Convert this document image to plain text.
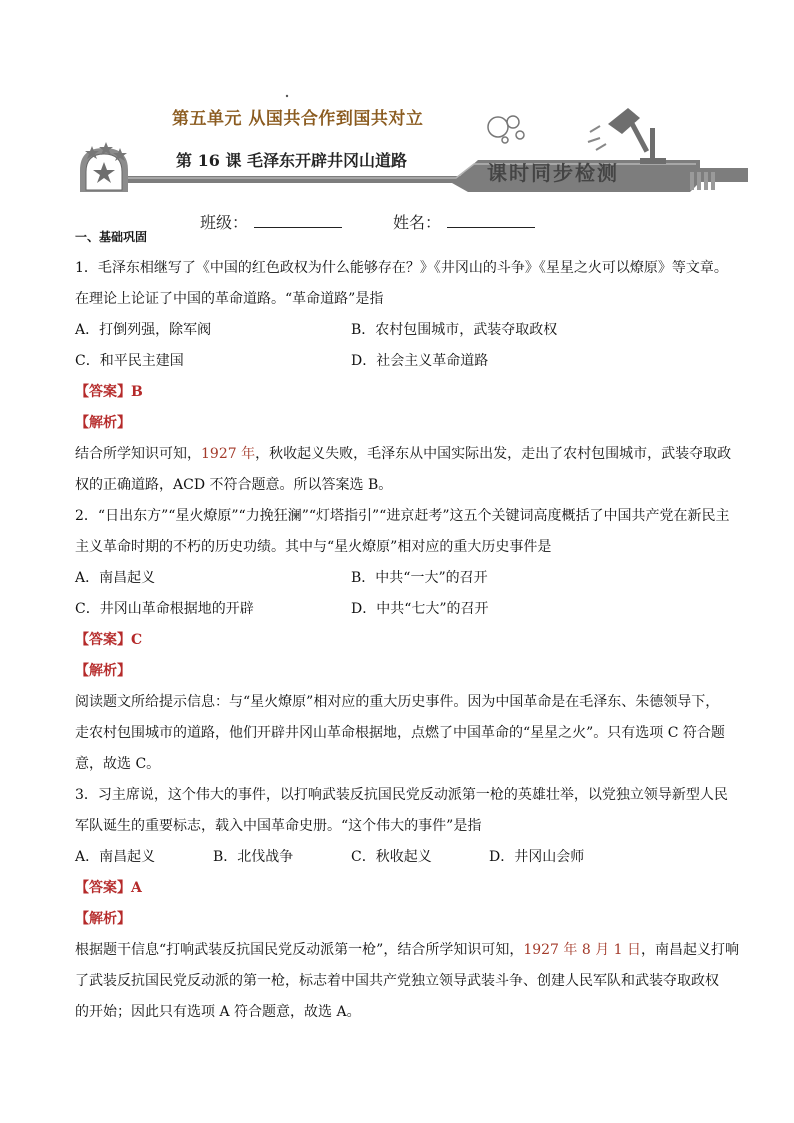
第五单元 从国共合作到国共对立
第 16 课 毛泽东开辟井冈山道路
课时同步检测
班级：	姓名：
一、基础巩固

1．毛泽东相继写了《中国的红色政权为什么能够存在？》《井冈山的斗争》《星星之火可以燎原》等文章。

在理论上论证了中国的革命道路。“革命道路”是指

A．打倒列强，除军阀	B．农村包围城市，武装夺取政权
C．和平民主建国	D．社会主义革命道路
【答案】B
【解析】

结合所学知识可知，1927 年，秋收起义失败，毛泽东从中国实际出发，走出了农村包围城市，武装夺取政

权的正确道路，ACD 不符合题意。所以答案选 B。

2．“日出东方”“星火燎原”“力挽狂澜”“灯塔指引”“进京赶考”这五个关键词高度概括了中国共产党在新民主

主义革命时期的不朽的历史功绩。其中与“星火燎原”相对应的重大历史事件是

A．南昌起义	B．中共“一大”的召开
C．井冈山革命根据地的开辟	D．中共“七大”的召开
【答案】C
【解析】

阅读题文所给提示信息：与“星火燎原”相对应的重大历史事件。因为中国革命是在毛泽东、朱德领导下，

走农村包围城市的道路，他们开辟井冈山革命根据地，点燃了中国革命的“星星之火”。只有选项 C 符合题

意，故选 C。

3．习主席说，这个伟大的事件，以打响武装反抗国民党反动派第一枪的英雄壮举，以党独立领导新型人民

军队诞生的重要标志，载入中国革命史册。“这个伟大的事件”是指

A．南昌起义	B．北伐战争	C．秋收起义	D．井冈山会师
【答案】A
【解析】

根据题干信息“打响武装反抗国民党反动派第一枪”，结合所学知识可知，1927 年 8 月 1 日，南昌起义打响

了武装反抗国民党反动派的第一枪，标志着中国共产党独立领导武装斗争、创建人民军队和武装夺取政权

的开始；因此只有选项 A 符合题意，故选 A。
